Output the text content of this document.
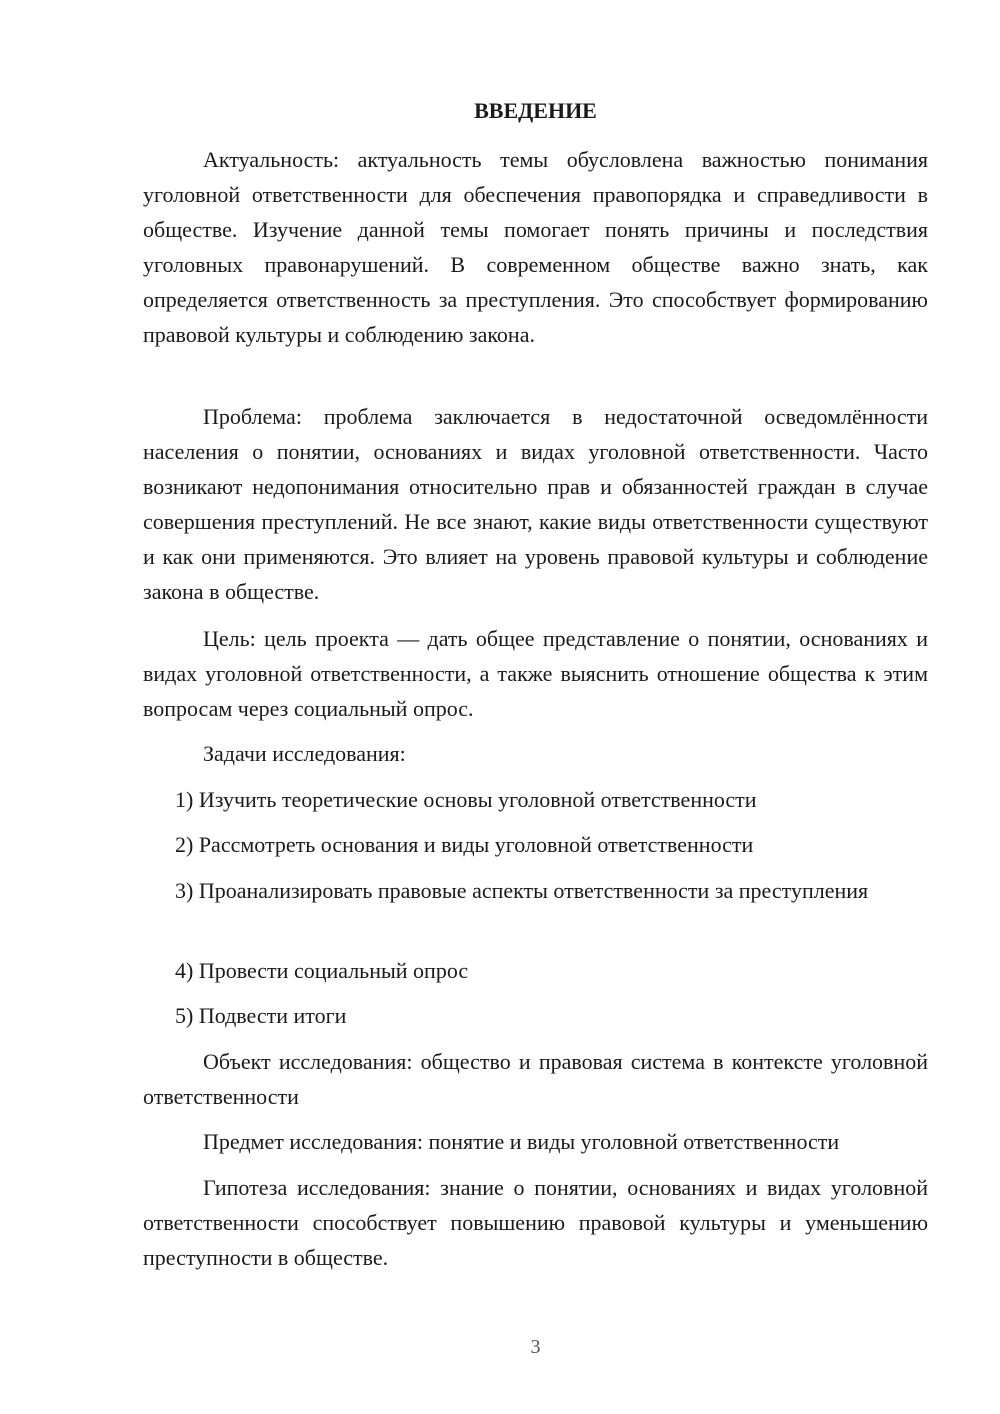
ВВЕДЕНИЕ

Актуальность: актуальность темы обусловлена важностью понимания уголовной ответственности для обеспечения правопорядка и справедливости в обществе. Изучение данной темы помогает понять причины и последствия уголовных правонарушений. В современном обществе важно знать, как определяется ответственность за преступления. Это способствует формированию правовой культуры и соблюдению закона.

Проблема: проблема заключается в недостаточной осведомлённости населения о понятии, основаниях и видах уголовной ответственности. Часто возникают недопонимания относительно прав и обязанностей граждан в случае совершения преступлений. Не все знают, какие виды ответственности существуют и как они применяются. Это влияет на уровень правовой культуры и соблюдение закона в обществе.

Цель: цель проекта — дать общее представление о понятии, основаниях и видах уголовной ответственности, а также выяснить отношение общества к этим вопросам через социальный опрос.

Задачи исследования:

1) Изучить теоретические основы уголовной ответственности

2) Рассмотреть основания и виды уголовной ответственности

3) Проанализировать правовые аспекты ответственности за преступления

4) Провести социальный опрос

5) Подвести итоги

Объект исследования: общество и правовая система в контексте уголовной ответственности

Предмет исследования: понятие и виды уголовной ответственности

Гипотеза исследования: знание о понятии, основаниях и видах уголовной ответственности способствует повышению правовой культуры и уменьшению преступности в обществе.

3
